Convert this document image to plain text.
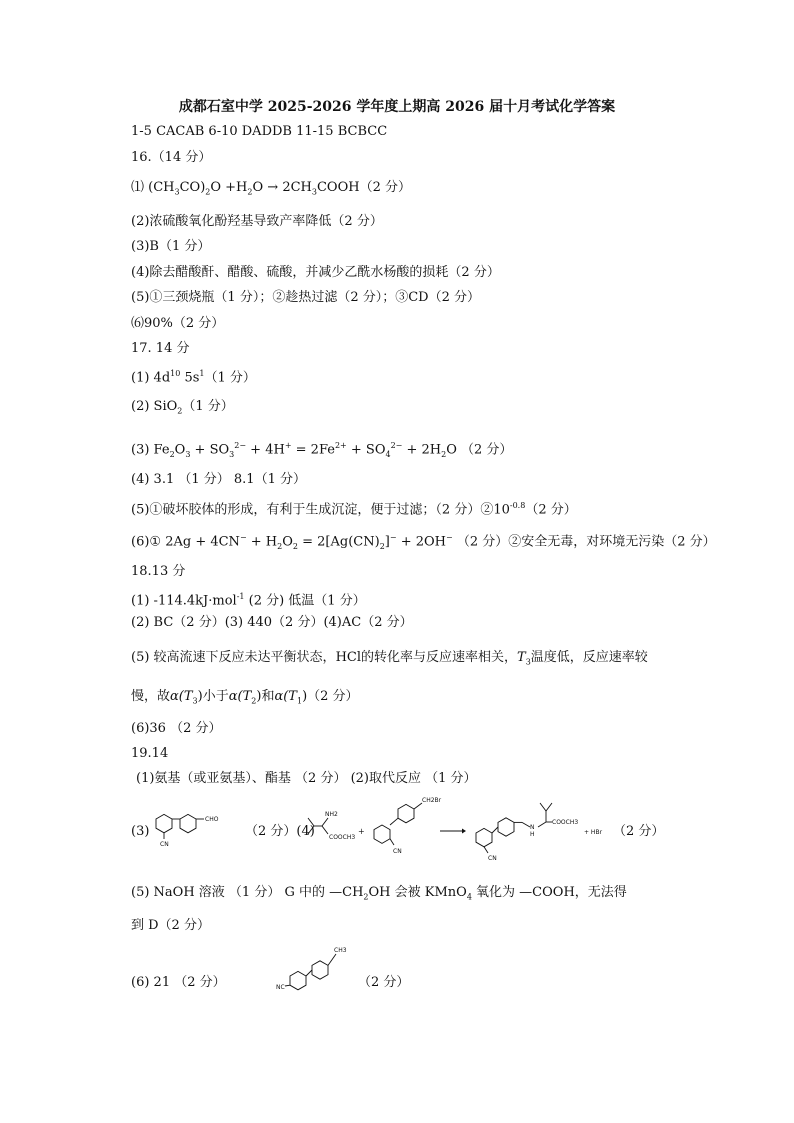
成都石室中学 2025-2026 学年度上期高 2026 届十月考试化学答案
1-5 CACAB 6-10 DADDB 11-15 BCBCC
16.（14 分）
⑴ $(CH_3CO)_2O +H_2O$ → $2CH_3COOH(2$ 分）
(2)浓硫酸氧化酚羟基导致产率降低（2 分）
(3)B（1 分）
(4)除去醋酸酐、醋酸、硫酸，并减少乙酰水杨酸的损耗（2 分）
(5)①三颈烧瓶（1 分）；②趁热过滤（2 分）；③CD（2 分）
⑹90%（2 分）
17. 14 分
(1) $4d^{10}$ $5s^1(1$ 分）
(2) SiO$_2$（1 分）
(3) $Fe_2O_3 + SO_3^{2-} + 4H^+ = 2Fe^{2+} + SO_4^{2-} + 2H_2O$ （2 分）
(4) 3.1 （1 分） 8.1（1 分）
(5)①破坏胶体的形成，有利于生成沉淀，便于过滤；（2 分）$②10^{-0.8}(2$ 分）
(6)① $2Ag + 4CN^- + H_2O_2 = 2[Ag(CN)_2]^- + 2OH^-$ （2 分）②安全无毒，对环境无污染（2 分）
18.13 分
(1) -114.4kJ·mol$^{-1}$ (2 分) 低温（1 分）
(2) BC（2 分）(3) 440（2 分）(4)AC（2 分）
(5) 较高流速下反应未达平衡状态，HCl的转化率与反应速率相关，$T_3$温度低，反应速率较
慢，故$\alpha(T_3)$小于$\alpha(T_2)$和$\alpha(T_1)(2$ 分）
(6)36 （2 分）
19.14
(1)氨基（或亚氨基）、酯基 （2 分） (2)取代反应 （1 分）
(3)	（2 分）(4)	+	（2 分）
CHO
CN
NH2
COOCH3
CH2Br
CN
N
H
COOCH3
CN
+ HBr
(5) NaOH 溶液 （1 分） G 中的 $—CH_2OH$ 会被 KMnO$_4$ 氧化为 —COOH，无法得
到 D（2 分）
(6) 21 （2 分）	（2 分）
CH3
NC
